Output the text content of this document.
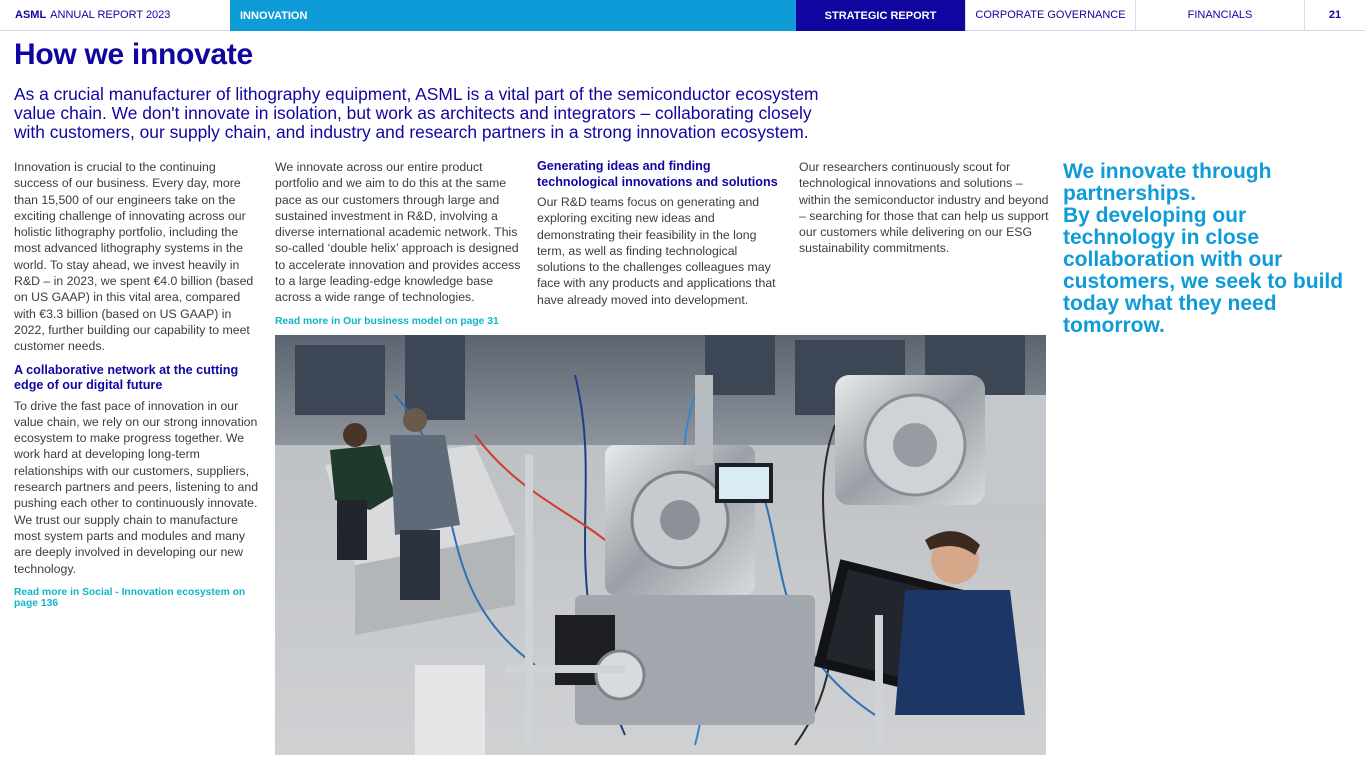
ASML ANNUAL REPORT 2023	INNOVATION	STRATEGIC REPORT	CORPORATE GOVERNANCE	FINANCIALS	21
How we innovate

As a crucial manufacturer of lithography equipment, ASML is a vital part of the semiconductor ecosystem value chain. We don't innovate in isolation, but work as architects and integrators – collaborating closely with customers, our supply chain, and industry and research partners in a strong innovation ecosystem.

Innovation is crucial to the continuing success of our business. Every day, more than 15,500 of our engineers take on the exciting challenge of innovating across our holistic lithography portfolio, including the most advanced lithography systems in the world. To stay ahead, we invest heavily in R&D – in 2023, we spent €4.0 billion (based on US GAAP) in this vital area, compared with €3.3 billion (based on US GAAP) in 2022, further building our capability to meet customer needs.

A collaborative network at the cutting edge of our digital future

To drive the fast pace of innovation in our value chain, we rely on our strong innovation ecosystem to make progress together. We work hard at developing long-term relationships with our customers, suppliers, research partners and peers, listening to and pushing each other to continuously innovate. We trust our supply chain to manufacture most system parts and modules and many are deeply involved in developing our new technology.

Read more in Social - Innovation ecosystem on page 136

We innovate across our entire product portfolio and we aim to do this at the same pace as our customers through large and sustained investment in R&D, involving a diverse international academic network. This so-called ‘double helix’ approach is designed to accelerate innovation and provides access to a large leading-edge knowledge base across a wide range of technologies.

Read more in Our business model on page 31
Generating ideas and finding technological innovations and solutions

Our R&D teams focus on generating and exploring exciting new ideas and demonstrating their feasibility in the long term, as well as finding technological solutions to the challenges colleagues may face with any products and applications that have already moved into development.

Our researchers continuously scout for technological innovations and solutions – within the semiconductor industry and beyond – searching for those that can help us support our customers while delivering on our ESG sustainability commitments.

We innovate through partnerships.
By developing our technology in close collaboration with our customers, we seek to build today what they need tomorrow.
